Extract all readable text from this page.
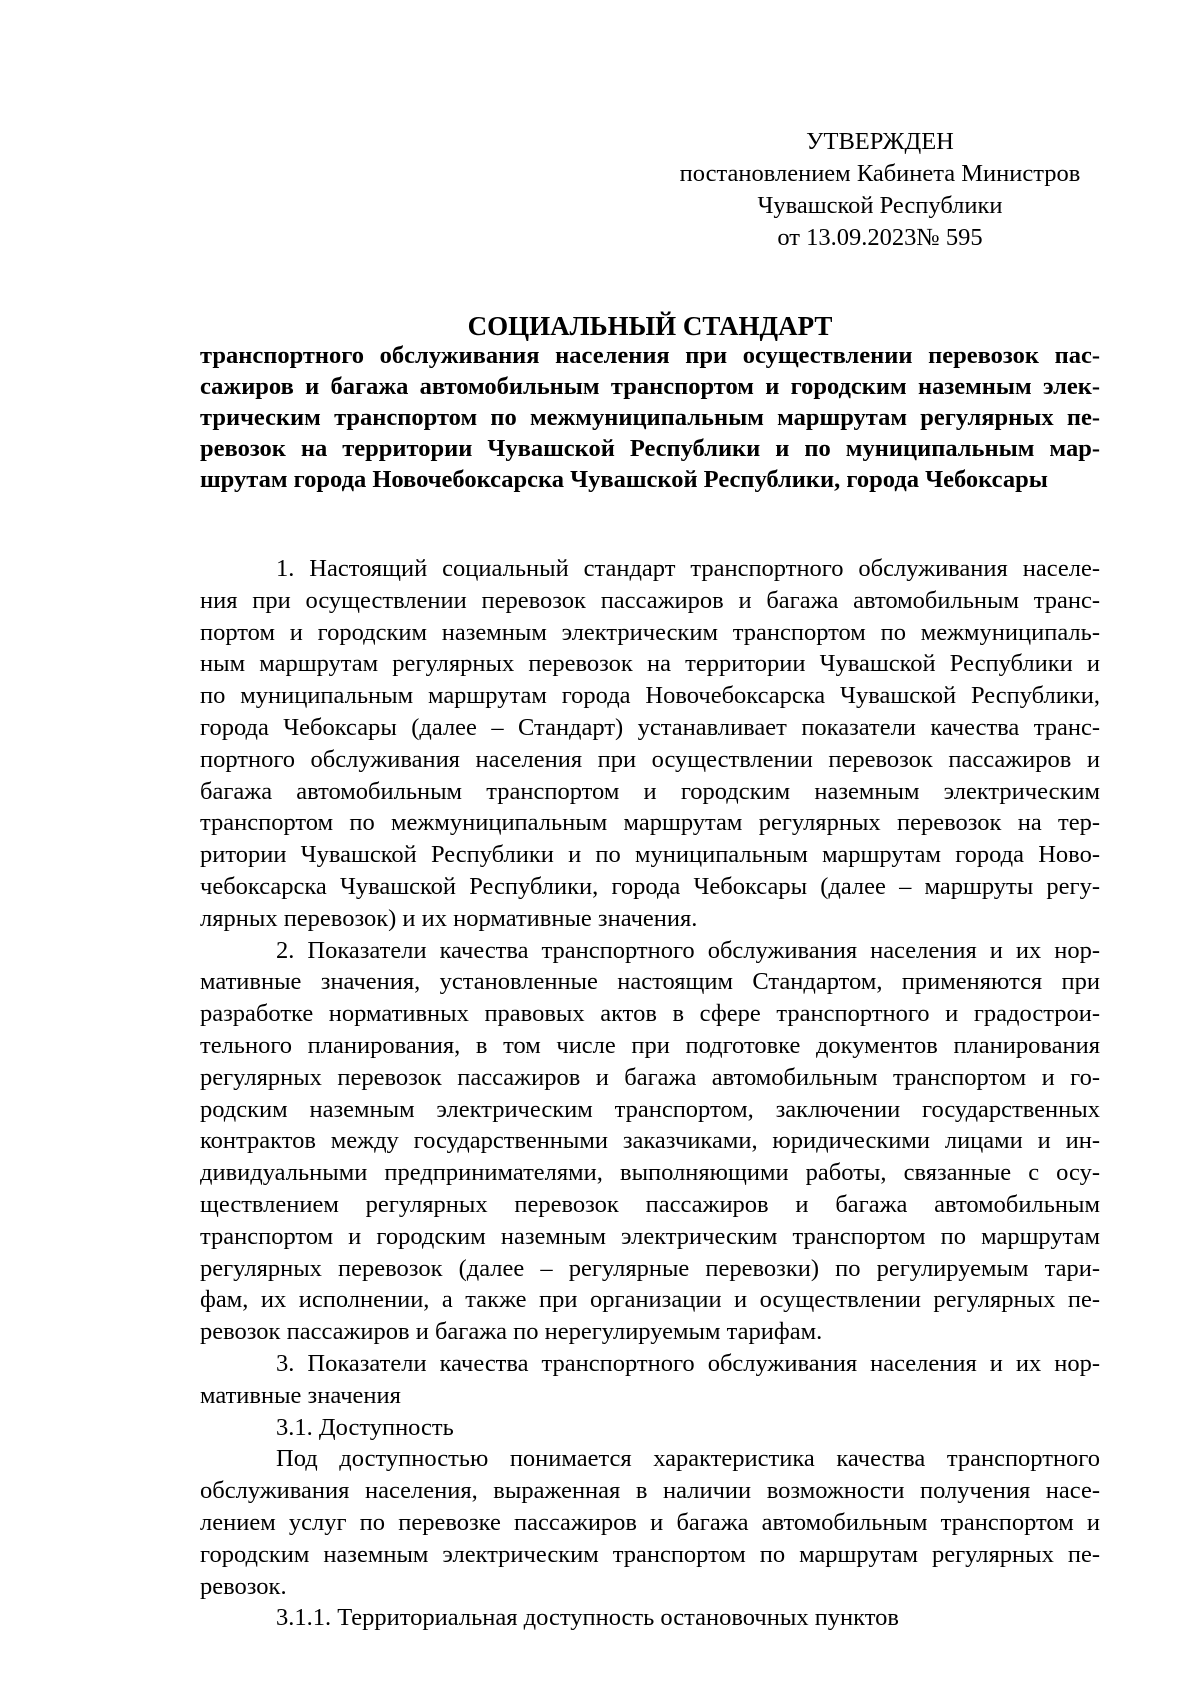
УТВЕРЖДЕН
постановлением Кабинета Министров
Чувашской Республики
от 13.09.2023№ 595
СОЦИАЛЬНЫЙ СТАНДАРТ
транспортного обслуживания населения при осуществлении перевозок пас-
сажиров и багажа автомобильным транспортом и городским наземным элек-
трическим транспортом по межмуниципальным маршрутам регулярных пе-
ревозок на территории Чувашской Республики и по муниципальным мар-
шрутам города Новочебоксарска Чувашской Республики, города Чебоксары
1. Настоящий социальный стандарт транспортного обслуживания населе-
ния при осуществлении перевозок пассажиров и багажа автомобильным транс-
портом и городским наземным электрическим транспортом по межмуниципаль-
ным маршрутам регулярных перевозок на территории Чувашской Республики и
по муниципальным маршрутам города Новочебоксарска Чувашской Республики,
города Чебоксары (далее – Стандарт) устанавливает показатели качества транс-
портного обслуживания населения при осуществлении перевозок пассажиров и
багажа автомобильным транспортом и городским наземным электрическим
транспортом по межмуниципальным маршрутам регулярных перевозок на тер-
ритории Чувашской Республики и по муниципальным маршрутам города Ново-
чебоксарска Чувашской Республики, города Чебоксары (далее – маршруты регу-
лярных перевозок) и их нормативные значения.
2. Показатели качества транспортного обслуживания населения и их нор-
мативные значения, установленные настоящим Стандартом, применяются при
разработке нормативных правовых актов в сфере транспортного и градострои-
тельного планирования, в том числе при подготовке документов планирования
регулярных перевозок пассажиров и багажа автомобильным транспортом и го-
родским наземным электрическим транспортом, заключении государственных
контрактов между государственными заказчиками, юридическими лицами и ин-
дивидуальными предпринимателями, выполняющими работы, связанные с осу-
ществлением регулярных перевозок пассажиров и багажа автомобильным
транспортом и городским наземным электрическим транспортом по маршрутам
регулярных перевозок (далее – регулярные перевозки) по регулируемым тари-
фам, их исполнении, а также при организации и осуществлении регулярных пе-
ревозок пассажиров и багажа по нерегулируемым тарифам.
3. Показатели качества транспортного обслуживания населения и их нор-
мативные значения
3.1. Доступность
Под доступностью понимается характеристика качества транспортного
обслуживания населения, выраженная в наличии возможности получения насе-
лением услуг по перевозке пассажиров и багажа автомобильным транспортом и
городским наземным электрическим транспортом по маршрутам регулярных пе-
ревозок.
3.1.1. Территориальная доступность остановочных пунктов
